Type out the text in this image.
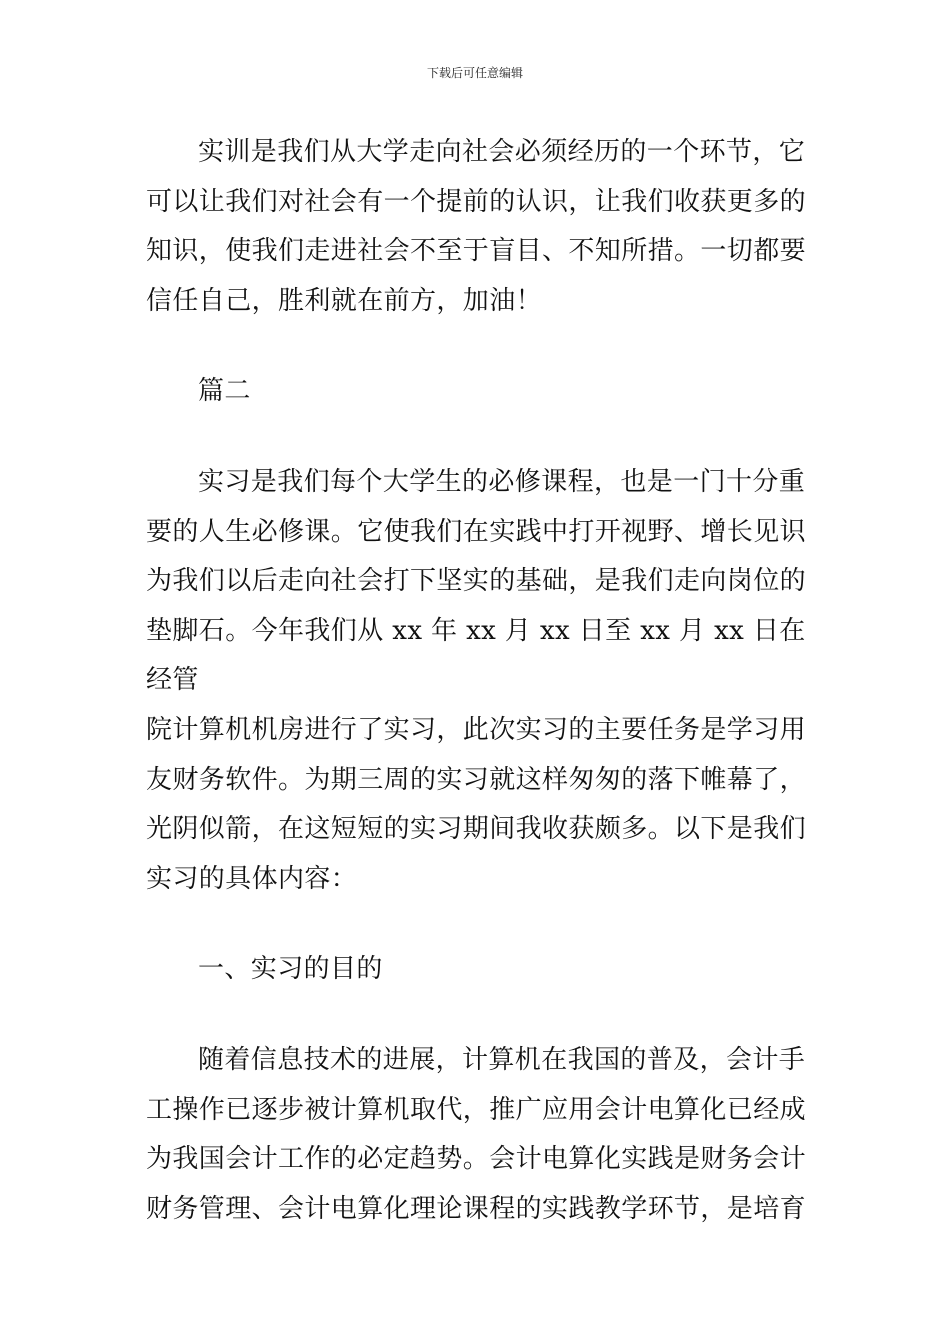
下载后可任意编辑

实训是我们从大学走向社会必须经历的一个环节，它
可以让我们对社会有一个提前的认识，让我们收获更多的
知识，使我们走进社会不至于盲目、不知所措。一切都要
信任自己，胜利就在前方，加油！

篇二

实习是我们每个大学生的必修课程，也是一门十分重
要的人生必修课。它使我们在实践中打开视野、增长见识
为我们以后走向社会打下坚实的基础，是我们走向岗位的
垫脚石。今年我们从 xx 年 xx 月 xx 日至 xx 月 xx 日在经管
院计算机机房进行了实习，此次实习的主要任务是学习用
友财务软件。为期三周的实习就这样匆匆的落下帷幕了，
光阴似箭，在这短短的实习期间我收获颇多。以下是我们
实习的具体内容：

一、实习的目的

随着信息技术的进展，计算机在我国的普及，会计手
工操作已逐步被计算机取代，推广应用会计电算化已经成
为我国会计工作的必定趋势。会计电算化实践是财务会计
财务管理、会计电算化理论课程的实践教学环节，是培育
